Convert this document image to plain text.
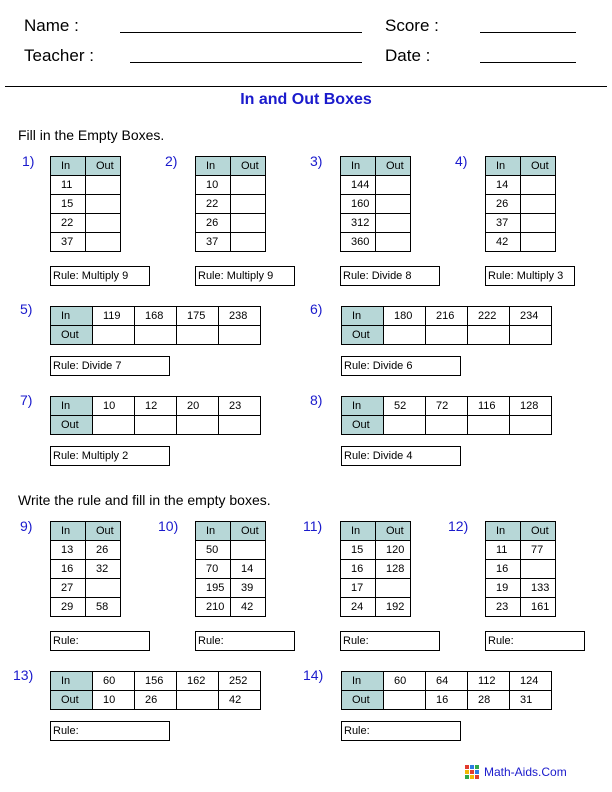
Name :	Score :
Teacher :	Date :
In and Out Boxes
Fill in the Empty Boxes.
1) In	Out
11	
15	
22	
37	
Rule: Multiply 9
2)	In	Out
10	
22	
26	
37	
Rule: Multiply 9
3)	In	Out
144	
160	
312	
360	
Rule: Divide 8
4)	In	Out
14	
26	
37	
42	
Rule: Multiply 3
5)	In	119	168	175	238
Out				
Rule: Divide 7
6)	In	180	216	222	234
Out				
Rule: Divide 6
7)	In	10	12	20	23
Out				
Rule: Multiply 2
8)	In	52	72	116	128
Out				
Rule: Divide 4
Write the rule and fill in the empty boxes.
9)	In	Out
13	26
16	32
27	
29	58
Rule:
10)	In	Out
50	
70	14
195	39
210	42
Rule:
11)	In	Out
15	120
16	128
17	
24	192
Rule:
12)	In	Out
11	77
16	
19	133
23	161
Rule:
13)	In	60	156	162	252
Out	10	26		42
Rule:
14)	In	60	64	112	124
Out		16	28	31
Rule:
Math-Aids.Com
